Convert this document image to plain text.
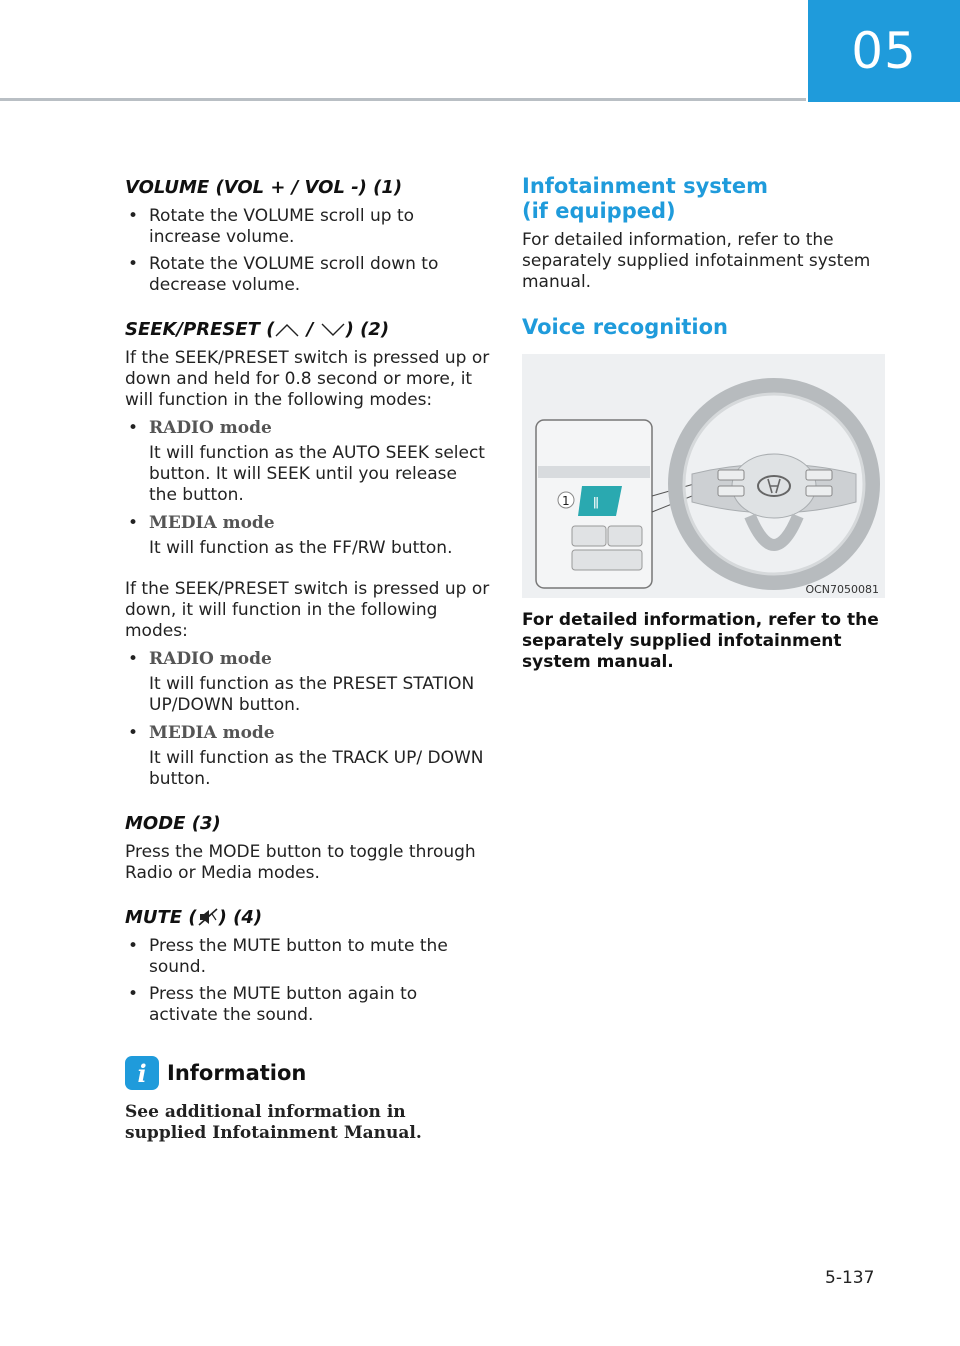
05
VOLUME (VOL + / VOL -) (1)
• Rotate the VOLUME scroll up to increase volume.
• Rotate the VOLUME scroll down to decrease volume.
SEEK/PRESET ( / ) (2)

If the SEEK/PRESET switch is pressed up or down and held for 0.8 second or more, it will function in the following modes:

• RADIO mode
It will function as the AUTO SEEK select button. It will SEEK until you release the button.
• MEDIA mode
It will function as the FF/RW button.

If the SEEK/PRESET switch is pressed up or down, it will function in the following modes:

• RADIO mode
It will function as the PRESET STATION UP/DOWN button.
• MEDIA mode
It will function as the TRACK UP/ DOWN button.
MODE (3)

Press the MODE button to toggle through Radio or Media modes.

MUTE ( ) (4)
• Press the MUTE button to mute the sound.
• Press the MUTE button again to activate the sound.
i Information
See additional information in supplied Infotainment Manual.
Infotainment system
(if equipped)

For detailed information, refer to the separately supplied infotainment system manual.

Voice recognition
ǁ
1
OCN7050081
For detailed information, refer to the separately supplied infotainment system manual.
5-137
